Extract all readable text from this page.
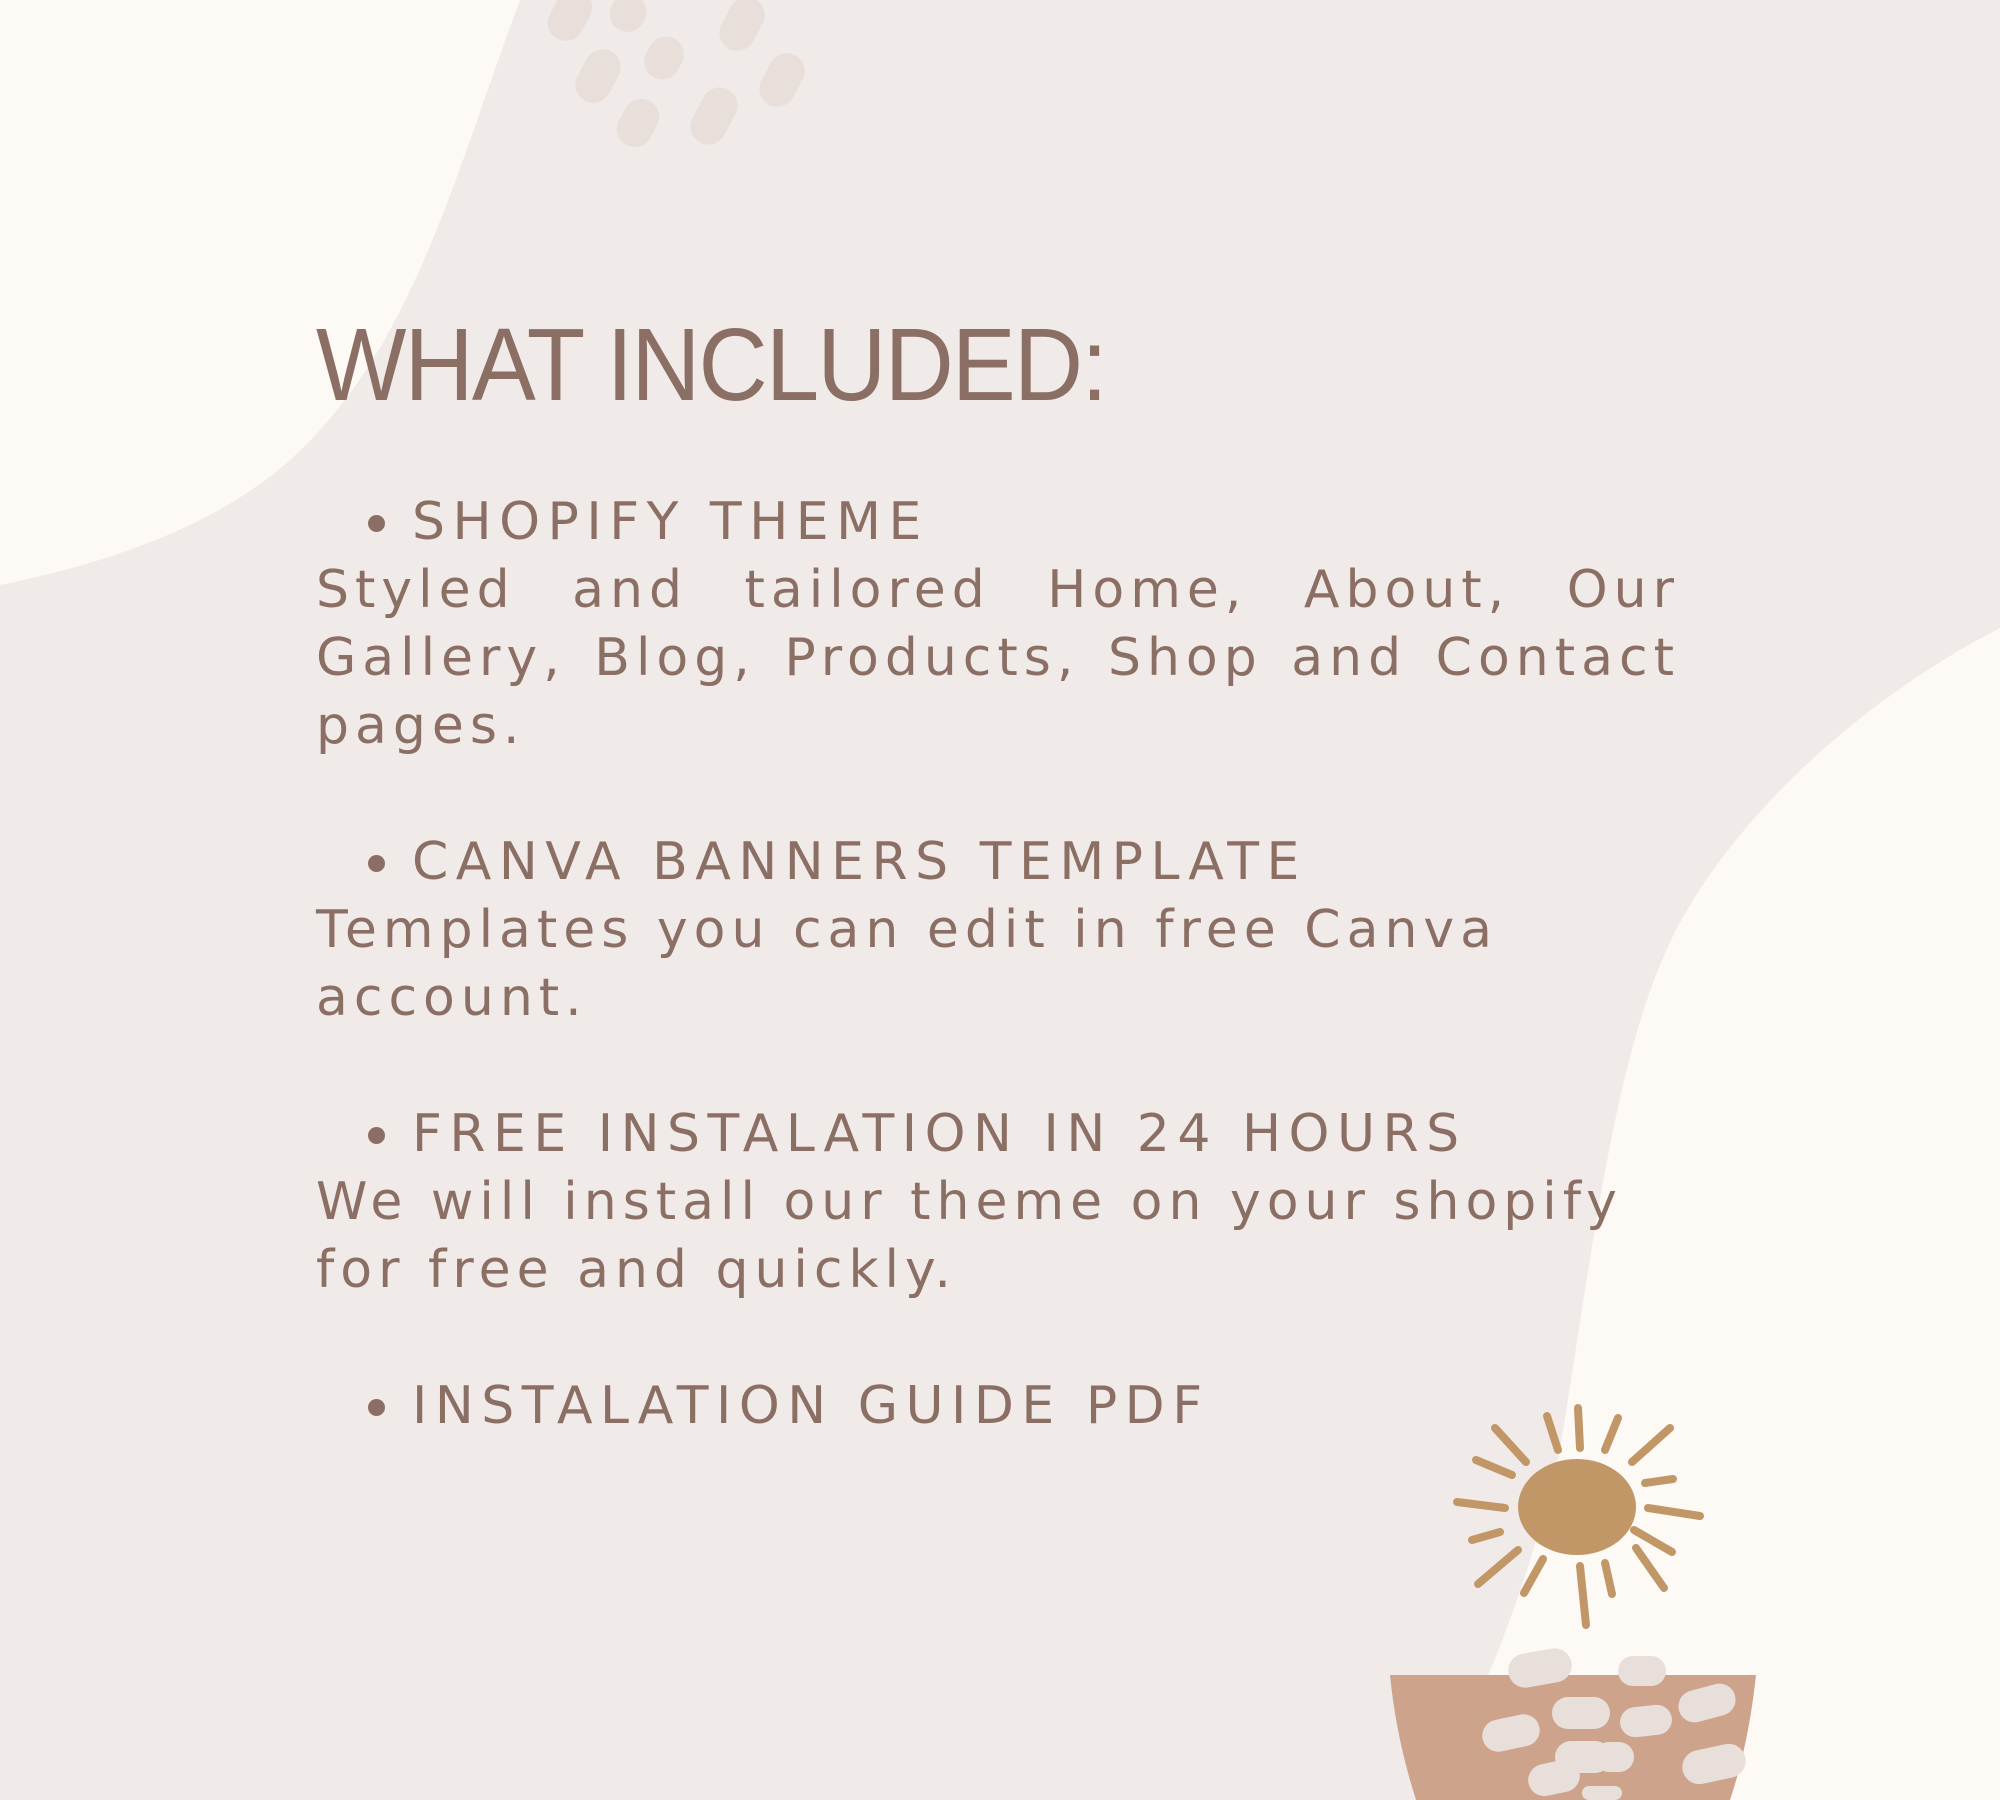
WHAT INCLUDED:
SHOPIFY THEME

Styled and tailored Home, About, Our Gallery, Blog, Products, Shop and Contact pages.

CANVA BANNERS TEMPLATE

Templates you can edit in free Canva account.

FREE INSTALATION IN 24 HOURS

We will install our theme on your shopify for free and quickly.

INSTALATION GUIDE PDF
